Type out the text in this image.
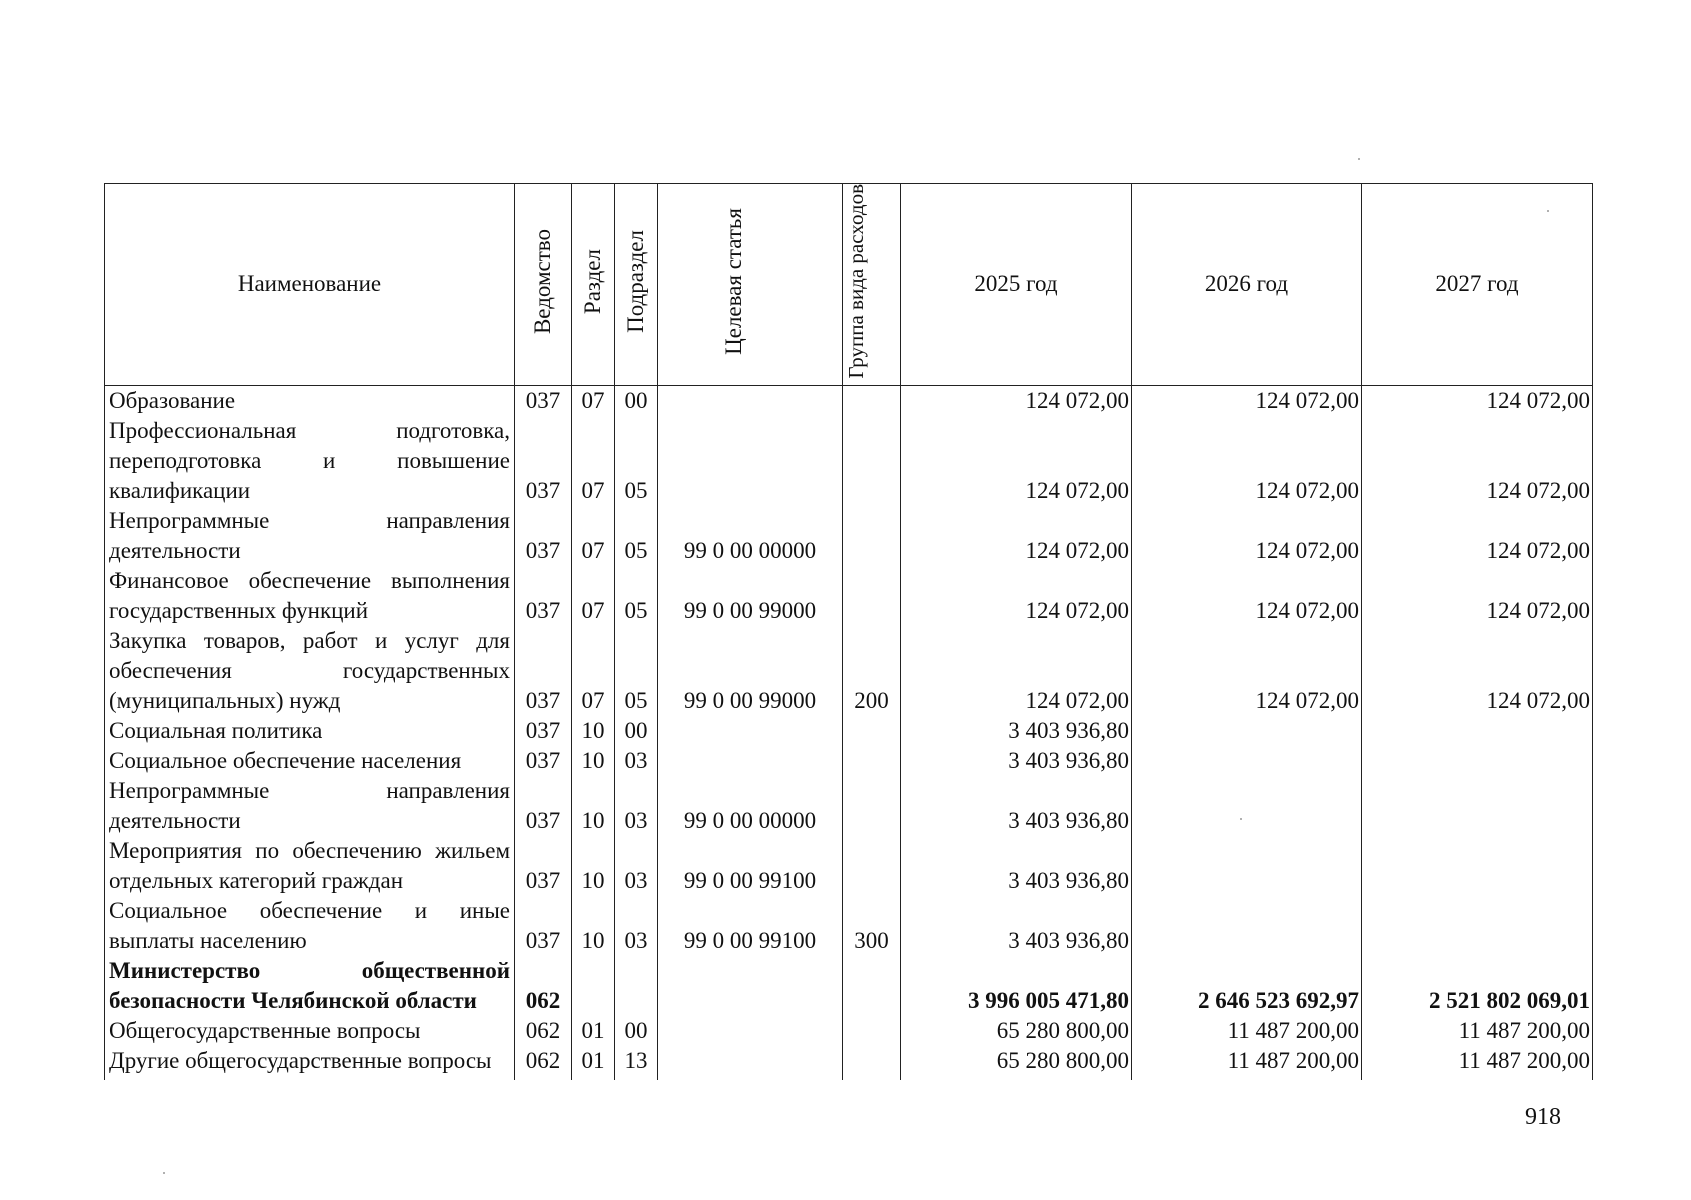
Наименование	Ведомство	Раздел	Подраздел	Целевая статья	Группа вида расходов	2025 год	2026 год	2027 год
Образование	037	07	00			124 072,00	124 072,00	124 072,00
Профессиональная подготовка, переподготовка и повышение квалификации	037	07	05			124 072,00	124 072,00	124 072,00
Непрограммные направления деятельности	037	07	05	99 0 00 00000		124 072,00	124 072,00	124 072,00
Финансовое обеспечение выполнения государственных функций	037	07	05	99 0 00 99000		124 072,00	124 072,00	124 072,00
Закупка товаров, работ и услуг для обеспечения государственных (муниципальных) нужд	037	07	05	99 0 00 99000	200	124 072,00	124 072,00	124 072,00
Социальная политика	037	10	00			3 403 936,80		
Социальное обеспечение населения	037	10	03			3 403 936,80		
Непрограммные направления деятельности	037	10	03	99 0 00 00000		3 403 936,80		
Мероприятия по обеспечению жильем отдельных категорий граждан	037	10	03	99 0 00 99100		3 403 936,80		
Социальное обеспечение и иные выплаты населению	037	10	03	99 0 00 99100	300	3 403 936,80		
Министерство общественной безопасности Челябинской области	062					3 996 005 471,80	2 646 523 692,97	2 521 802 069,01
Общегосударственные вопросы	062	01	00			65 280 800,00	11 487 200,00	11 487 200,00
Другие общегосударственные вопросы	062	01	13			65 280 800,00	11 487 200,00	11 487 200,00
918
